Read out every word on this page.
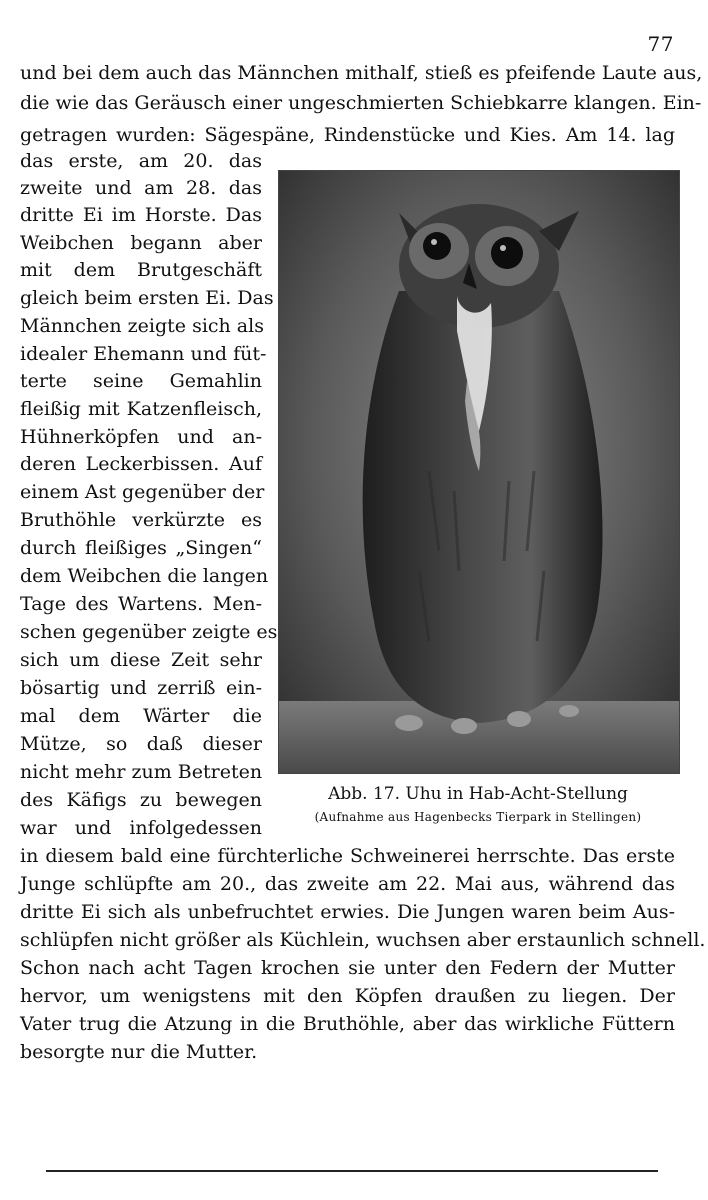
77
und bei dem auch das Männchen mithalf, stieß es pfeifende Laute aus,
die wie das Geräusch einer ungeschmierten Schiebkarre klangen. Ein-
getragen wurden: Sägespäne, Rindenstücke und Kies. Am 14. lag
das erste, am 20. das
zweite und am 28. das
dritte Ei im Horste. Das
Weibchen begann aber
mit dem Brutgeschäft
gleich beim ersten Ei. Das
Männchen zeigte sich als
idealer Ehemann und füt-
terte seine Gemahlin
fleißig mit Katzenfleisch,
Hühnerköpfen und an-
deren Leckerbissen. Auf
einem Ast gegenüber der
Bruthöhle verkürzte es
durch fleißiges „Singen“
dem Weibchen die langen
Tage des Wartens. Men-
schen gegenüber zeigte es
sich um diese Zeit sehr
bösartig und zerriß ein-
mal dem Wärter die
Mütze, so daß dieser
nicht mehr zum Betreten
des Käfigs zu bewegen
war und infolgedessen
Abb. 17. Uhu in Hab-Acht-Stellung
(Aufnahme aus Hagenbecks Tierpark in Stellingen)
in diesem bald eine fürchterliche Schweinerei herrschte. Das erste
Junge schlüpfte am 20., das zweite am 22. Mai aus, während das
dritte Ei sich als unbefruchtet erwies. Die Jungen waren beim Aus-
schlüpfen nicht größer als Küchlein, wuchsen aber erstaunlich schnell.
Schon nach acht Tagen krochen sie unter den Federn der Mutter
hervor, um wenigstens mit den Köpfen draußen zu liegen. Der
Vater trug die Atzung in die Bruthöhle, aber das wirkliche Füttern
besorgte nur die Mutter.
